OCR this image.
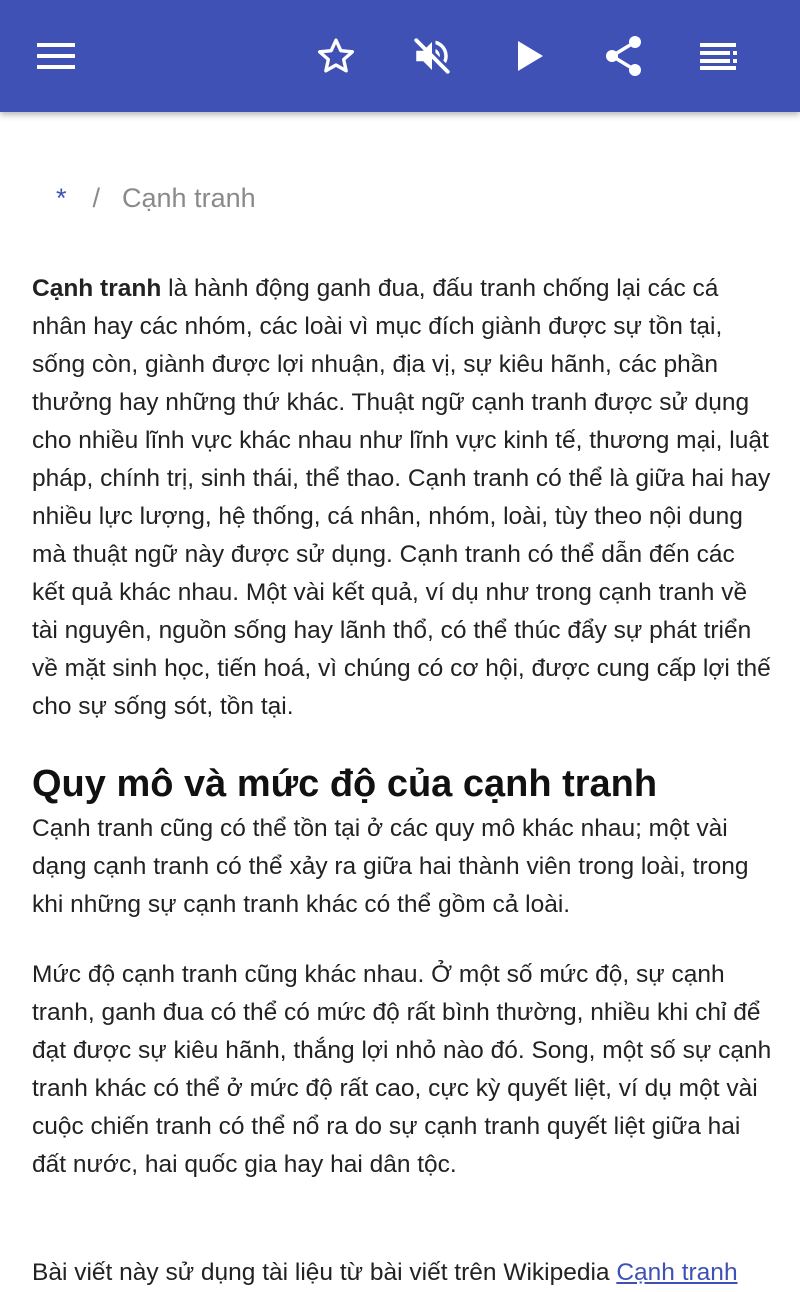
* / Cạnh tranh

Cạnh tranh là hành động ganh đua, đấu tranh chống lại các cá nhân hay các nhóm, các loài vì mục đích giành được sự tồn tại, sống còn, giành được lợi nhuận, địa vị, sự kiêu hãnh, các phần thưởng hay những thứ khác. Thuật ngữ cạnh tranh được sử dụng cho nhiều lĩnh vực khác nhau như lĩnh vực kinh tế, thương mại, luật pháp, chính trị, sinh thái, thể thao. Cạnh tranh có thể là giữa hai hay nhiều lực lượng, hệ thống, cá nhân, nhóm, loài, tùy theo nội dung mà thuật ngữ này được sử dụng. Cạnh tranh có thể dẫn đến các kết quả khác nhau. Một vài kết quả, ví dụ như trong cạnh tranh về tài nguyên, nguồn sống hay lãnh thổ, có thể thúc đẩy sự phát triển về mặt sinh học, tiến hoá, vì chúng có cơ hội, được cung cấp lợi thế cho sự sống sót, tồn tại.

Quy mô và mức độ của cạnh tranh

Cạnh tranh cũng có thể tồn tại ở các quy mô khác nhau; một vài dạng cạnh tranh có thể xảy ra giữa hai thành viên trong loài, trong khi những sự cạnh tranh khác có thể gồm cả loài.

Mức độ cạnh tranh cũng khác nhau. Ở một số mức độ, sự cạnh tranh, ganh đua có thể có mức độ rất bình thường, nhiều khi chỉ để đạt được sự kiêu hãnh, thắng lợi nhỏ nào đó. Song, một số sự cạnh tranh khác có thể ở mức độ rất cao, cực kỳ quyết liệt, ví dụ một vài cuộc chiến tranh có thể nổ ra do sự cạnh tranh quyết liệt giữa hai đất nước, hai quốc gia hay hai dân tộc.

Bài viết này sử dụng tài liệu từ bài viết trên Wikipedia Cạnh tranh
